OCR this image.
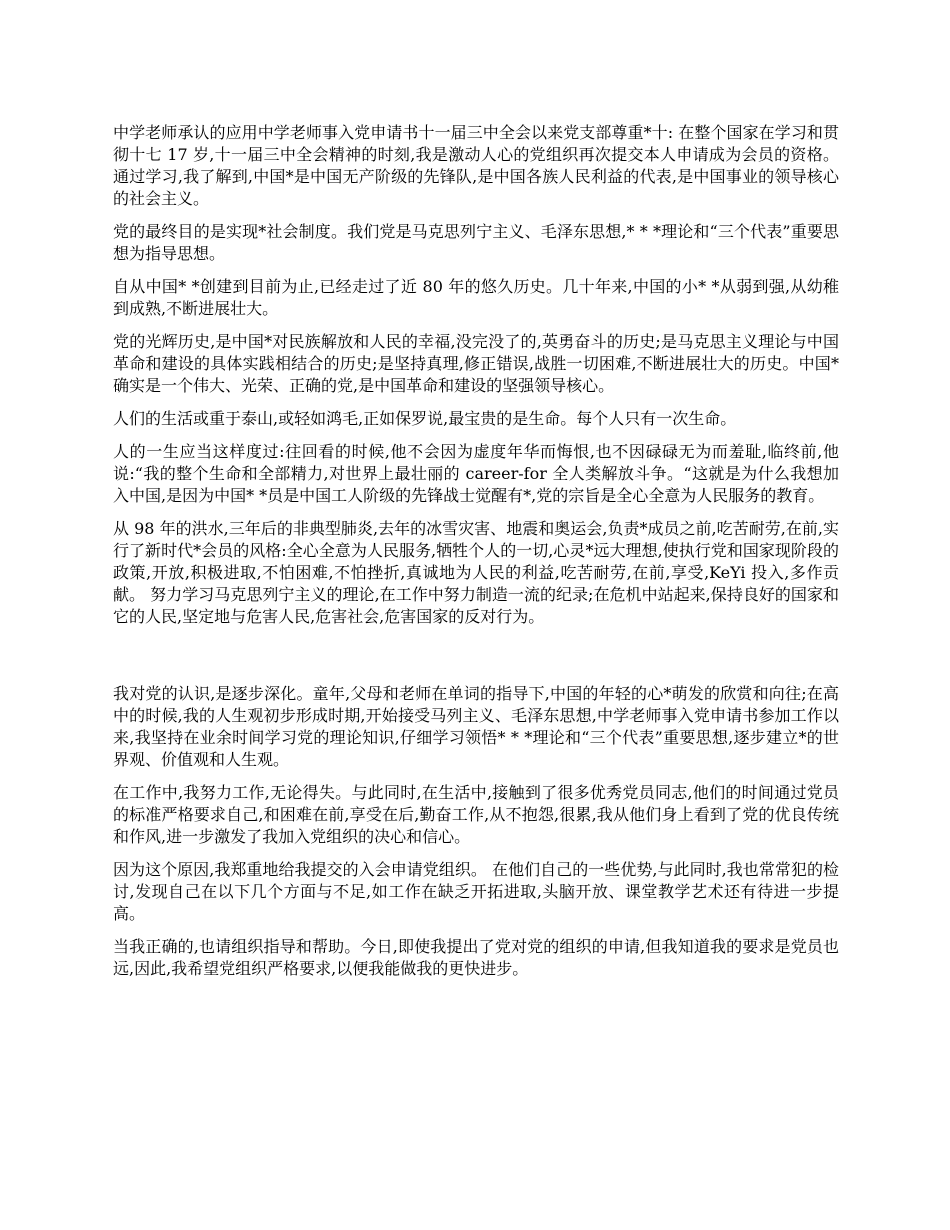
中学老师承认的应用中学老师事入党申请书十一届三中全会以来党支部尊重*十: 在整个国家在学习和贯彻十七 17 岁,十一届三中全会精神的时刻,我是激动人心的党组织再次提交本人申请成为会员的资格。通过学习,我了解到,中国*是中国无产阶级的先锋队,是中国各族人民利益的代表,是中国事业的领导核心的社会主义。

党的最终目的是实现*社会制度。我们党是马克思列宁主义、毛泽东思想,* * *理论和“三个代表”重要思想为指导思想。

自从中国* *创建到目前为止,已经走过了近 80 年的悠久历史。几十年来,中国的小* *从弱到强,从幼稚到成熟,不断进展壮大。

党的光辉历史,是中国*对民族解放和人民的幸福,没完没了的,英勇奋斗的历史;是马克思主义理论与中国革命和建设的具体实践相结合的历史;是坚持真理,修正错误,战胜一切困难,不断进展壮大的历史。中国*确实是一个伟大、光荣、正确的党,是中国革命和建设的坚强领导核心。

人们的生活或重于泰山,或轻如鸿毛,正如保罗说,最宝贵的是生命。每个人只有一次生命。

人的一生应当这样度过:往回看的时候,他不会因为虚度年华而悔恨,也不因碌碌无为而羞耻,临终前,他说:“我的整个生命和全部精力,对世界上最壮丽的 career-for 全人类解放斗争。“这就是为什么我想加入中国,是因为中国* *员是中国工人阶级的先锋战士觉醒有*,党的宗旨是全心全意为人民服务的教育。

从 98 年的洪水,三年后的非典型肺炎,去年的冰雪灾害、地震和奥运会,负责*成员之前,吃苦耐劳,在前,实行了新时代*会员的风格:全心全意为人民服务,牺牲个人的一切,心灵*远大理想,使执行党和国家现阶段的政策,开放,积极进取,不怕困难,不怕挫折,真诚地为人民的利益,吃苦耐劳,在前,享受,KeYi 投入,多作贡献。 努力学习马克思列宁主义的理论,在工作中努力制造一流的纪录;在危机中站起来,保持良好的国家和它的人民,坚定地与危害人民,危害社会,危害国家的反对行为。

我对党的认识,是逐步深化。童年,父母和老师在单词的指导下,中国的年轻的心*萌发的欣赏和向往;在高中的时候,我的人生观初步形成时期,开始接受马列主义、毛泽东思想,中学老师事入党申请书参加工作以来,我坚持在业余时间学习党的理论知识,仔细学习领悟* * *理论和“三个代表”重要思想,逐步建立*的世界观、价值观和人生观。

在工作中,我努力工作,无论得失。与此同时,在生活中,接触到了很多优秀党员同志,他们的时间通过党员的标准严格要求自己,和困难在前,享受在后,勤奋工作,从不抱怨,很累,我从他们身上看到了党的优良传统和作风,进一步激发了我加入党组织的决心和信心。

因为这个原因,我郑重地给我提交的入会申请党组织。 在他们自己的一些优势,与此同时,我也常常犯的检讨,发现自己在以下几个方面与不足,如工作在缺乏开拓进取,头脑开放、课堂教学艺术还有待进一步提高。

当我正确的,也请组织指导和帮助。今日,即使我提出了党对党的组织的申请,但我知道我的要求是党员也远,因此,我希望党组织严格要求,以便我能做我的更快进步。
